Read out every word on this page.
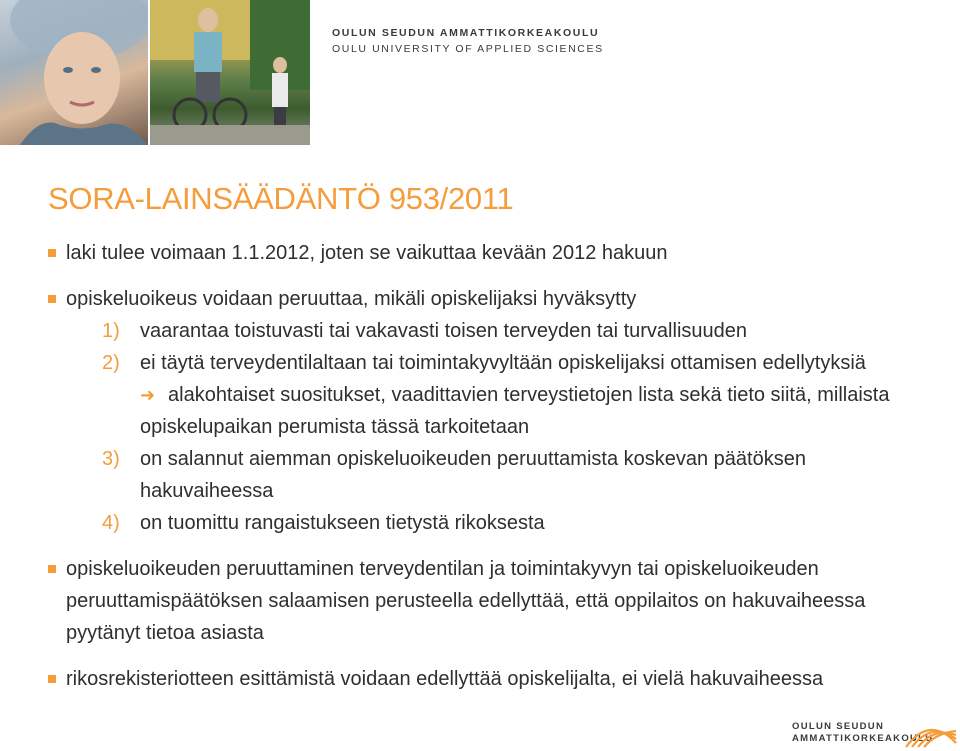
OULUN SEUDUN AMMATTIKORKEAKOULU
OULU UNIVERSITY OF APPLIED SCIENCES
SORA-LAINSÄÄDÄNTÖ 953/2011
laki tulee voimaan 1.1.2012, joten se vaikuttaa kevään 2012 hakuun
opiskeluoikeus voidaan peruuttaa, mikäli opiskelijaksi hyväksytty
1) vaarantaa toistuvasti tai vakavasti toisen terveyden tai turvallisuuden
2) ei täytä terveydentilaltaan tai toimintakyvyltään opiskelijaksi ottamisen edellytyksiä
➜ alakohtaiset suositukset, vaadittavien terveystietojen lista sekä tieto siitä, millaista
opiskelupaikan perumista tässä tarkoitetaan
3) on salannut aiemman opiskeluoikeuden peruuttamista koskevan päätöksen
hakuvaiheessa
4) on tuomittu rangaistukseen tietystä rikoksesta
opiskeluoikeuden peruuttaminen terveydentilan ja toimintakyvyn tai opiskeluoikeuden
peruuttamispäätöksen salaamisen perusteella edellyttää, että oppilaitos on hakuvaiheessa
pyytänyt tietoa asiasta
rikosrekisteriotteen esittämistä voidaan edellyttää opiskelijalta, ei vielä hakuvaiheessa
OULUN SEUDUN
AMMATTIKORKEAKOULU
